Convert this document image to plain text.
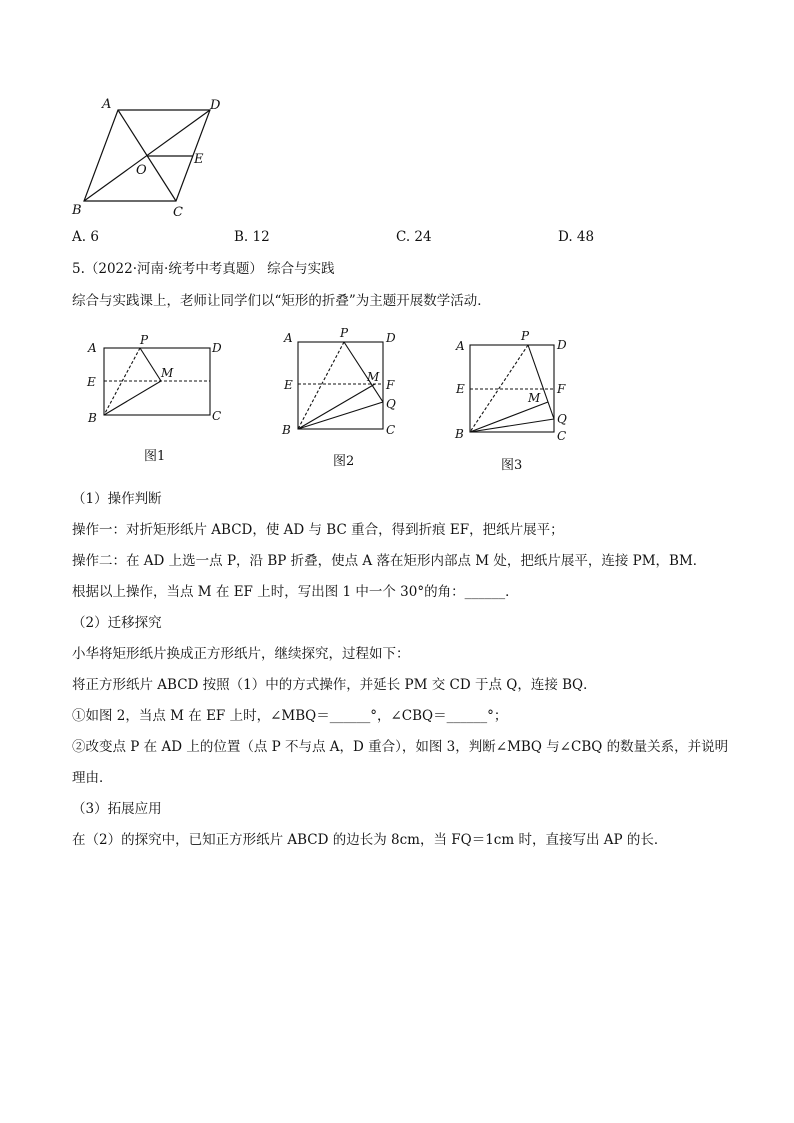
A	D
E
O
B	C
A. 6	B. 12	C. 24	D. 48
5.（2022·河南·统考中考真题） 综合与实践
综合与实践课上，老师让同学们以“矩形的折叠”为主题开展数学活动．
A
P
D
E
M
B	C
图1
A	P	D
E
M
F
Q
B	C
图2
A
P
D
E	F
M
Q
B	C
图3
（1）操作判断
操作一：对折矩形纸片 ABCD，使 AD 与 BC 重合，得到折痕 EF，把纸片展平；
操作二：在 AD 上选一点 P，沿 BP 折叠，使点 A 落在矩形内部点 M 处，把纸片展平，连接 PM，BM．
根据以上操作，当点 M 在 EF 上时，写出图 1 中一个 30°的角：______．
（2）迁移探究
小华将矩形纸片换成正方形纸片，继续探究，过程如下：
将正方形纸片 ABCD 按照（1）中的方式操作，并延长 PM 交 CD 于点 Q，连接 BQ．
①如图 2，当点 M 在 EF 上时，∠MBQ＝______°，∠CBQ＝______°；
②改变点 P 在 AD 上的位置（点 P 不与点 A，D 重合），如图 3，判断∠MBQ 与∠CBQ 的数量关系，并说明
理由．
（3）拓展应用
在（2）的探究中，已知正方形纸片 ABCD 的边长为 8cm，当 FQ＝1cm 时，直接写出 AP 的长．
